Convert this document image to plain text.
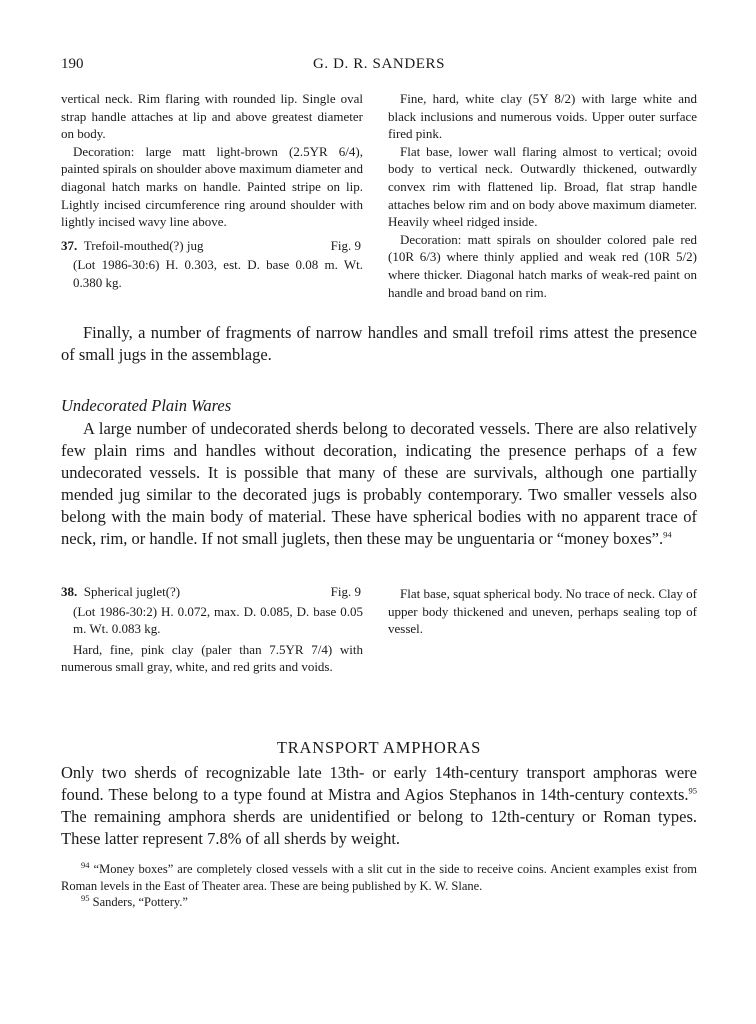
190	G. D. R. SANDERS

vertical neck. Rim flaring with rounded lip. Single oval strap handle attaches at lip and above greatest diameter on body.

Decoration: large matt light-brown (2.5YR 6/4), painted spirals on shoulder above maximum diameter and diagonal hatch marks on handle. Painted stripe on lip. Lightly incised circumference ring around shoulder with lightly incised wavy line above.

37. Trefoil-mouthed(?) jug	Fig. 9

(Lot 1986-30:6) H. 0.303, est. D. base 0.08 m. Wt. 0.380 kg.

Fine, hard, white clay (5Y 8/2) with large white and black inclusions and numerous voids. Upper outer surface fired pink.

Flat base, lower wall flaring almost to vertical; ovoid body to vertical neck. Outwardly thickened, outwardly convex rim with flattened lip. Broad, flat strap handle attaches below rim and on body above maximum diameter. Heavily wheel ridged inside.

Decoration: matt spirals on shoulder colored pale red (10R 6/3) where thinly applied and weak red (10R 5/2) where thicker. Diagonal hatch marks of weak-red paint on handle and broad band on rim.

Finally, a number of fragments of narrow handles and small trefoil rims attest the presence of small jugs in the assemblage.

Undecorated Plain Wares

A large number of undecorated sherds belong to decorated vessels. There are also relatively few plain rims and handles without decoration, indicating the presence perhaps of a few undecorated vessels. It is possible that many of these are survivals, although one partially mended jug similar to the decorated jugs is probably contemporary. Two smaller vessels also belong with the main body of material. These have spherical bodies with no apparent trace of neck, rim, or handle. If not small juglets, then these may be unguentaria or “money boxes”.$^{94}$

38. Spherical juglet(?)	Fig. 9

(Lot 1986-30:2) H. 0.072, max. D. 0.085, D. base 0.05 m. Wt. 0.083 kg.

Hard, fine, pink clay (paler than 7.5YR 7/4) with numerous small gray, white, and red grits and voids.

Flat base, squat spherical body. No trace of neck. Clay of upper body thickened and uneven, perhaps sealing top of vessel.

TRANSPORT AMPHORAS

Only two sherds of recognizable late 13th- or early 14th-century transport amphoras were found. These belong to a type found at Mistra and Agios Stephanos in 14th-century contexts.$^{95}$ The remaining amphora sherds are unidentified or belong to 12th-century or Roman types. These latter represent 7.8% of all sherds by weight.

$^{94}$ “Money boxes” are completely closed vessels with a slit cut in the side to receive coins. Ancient examples exist from Roman levels in the East of Theater area. These are being published by K. W. Slane.

$^{95}$ Sanders, “Pottery.”
